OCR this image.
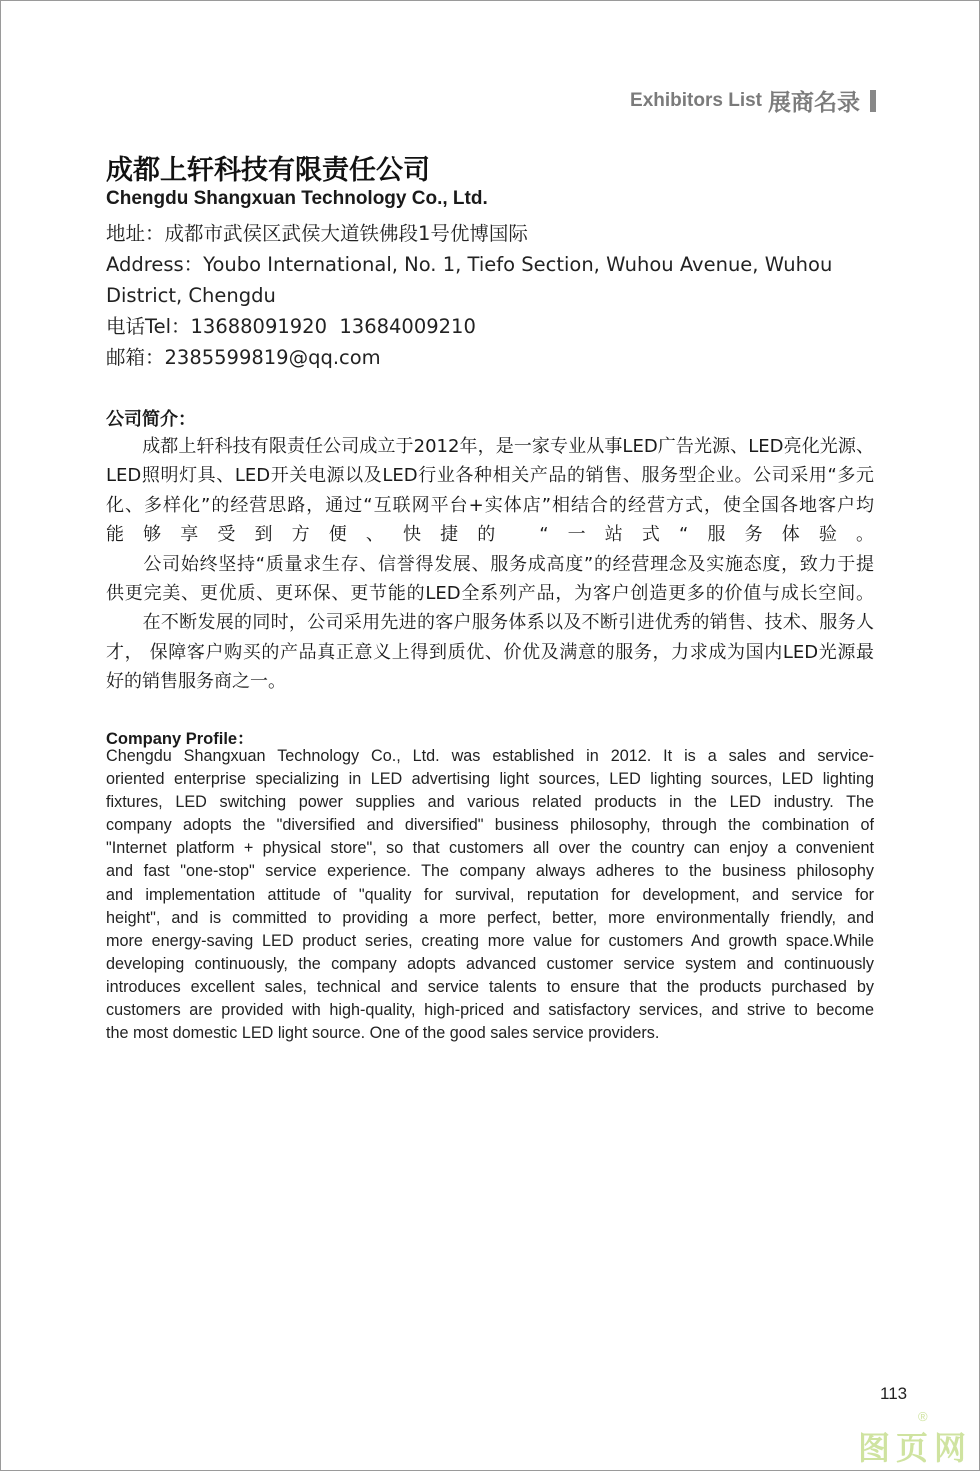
Exhibitors List 展商名录
成都上轩科技有限责任公司
Chengdu Shangxuan Technology Co., Ltd.
地址：成都市武侯区武侯大道铁佛段1号优博国际
Address：Youbo International, No. 1, Tiefo Section, Wuhou Avenue, Wuhou
District, Chengdu
电话Tel：13688091920  13684009210
邮箱：2385599819@qq.com
公司简介：
　　成都上轩科技有限责任公司成立于2012年，是一家专业从事LED广告光源、LED亮化光源、
LED照明灯具、LED开关电源以及LED行业各种相关产品的销售、服务型企业。公司采用“多元
化、多样化”的经营思路，通过“互联网平台+实体店”相结合的经营方式，使全国各地客户均
能够享受到方便、快捷的 “一站式“服务体验。
　　公司始终坚持“质量求生存、信誉得发展、服务成高度”的经营理念及实施态度，致力于提
供更完美、更优质、更环保、更节能的LED全系列产品，为客户创造更多的价值与成长空间。
　　在不断发展的同时，公司采用先进的客户服务体系以及不断引进优秀的销售、技术、服务人
才， 保障客户购买的产品真正意义上得到质优、价优及满意的服务，力求成为国内LED光源最
好的销售服务商之一。
Company Profile：
Chengdu Shangxuan Technology Co., Ltd. was established in 2012. It is a sales and service-
oriented enterprise specializing in LED advertising light sources, LED lighting sources, LED lighting
fixtures, LED switching power supplies and various related products in the LED industry. The
company adopts the "diversified and diversified" business philosophy, through the combination of
"Internet platform + physical store", so that customers all over the country can enjoy a convenient
and fast "one-stop" service experience. The company always adheres to the business philosophy
and implementation attitude of "quality for survival, reputation for development, and service for
height", and is committed to providing a more perfect, better, more environmentally friendly, and
more energy-saving LED product series, creating more value for customers And growth space.While
developing continuously, the company adopts advanced customer service system and continuously
introduces excellent sales, technical and service talents to ensure that the products purchased by
customers are provided with high-quality, high-priced and satisfactory services, and strive to become
the most domestic LED light source. One of the good sales service providers.
113
图页网
®
